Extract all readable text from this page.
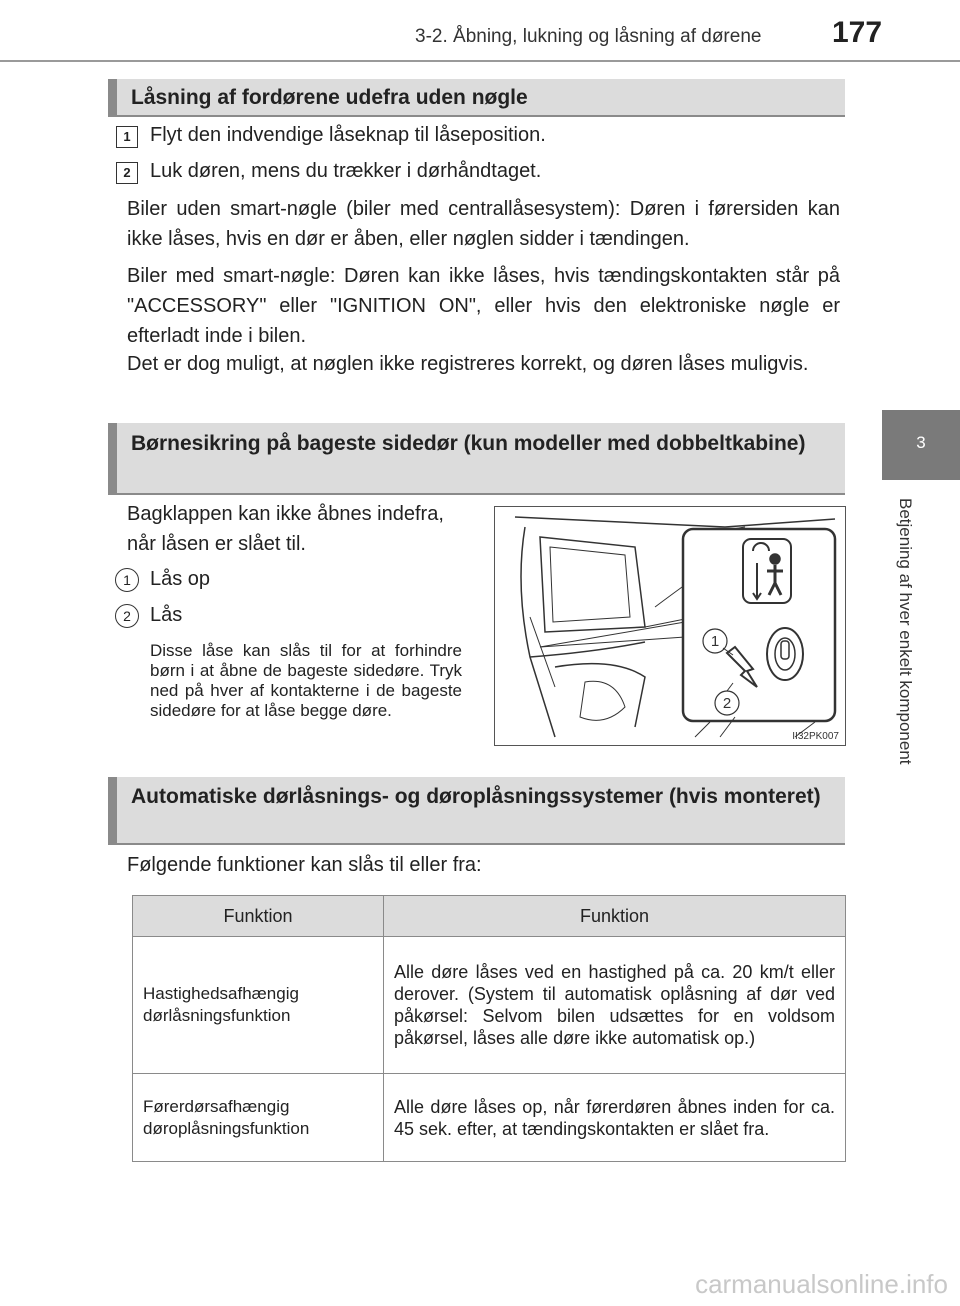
3-2. Åbning, lukning og låsning af dørene 177
3
Betjening af hver enkelt komponent
Låsning af fordørene udefra uden nøgle
1 Flyt den indvendige låseknap til låseposition.
2 Luk døren, mens du trækker i dørhåndtaget.
Biler uden smart-nøgle (biler med centrallåsesystem): Døren i førersiden kan ikke låses, hvis en dør er åben, eller nøglen sidder i tændingen.
Biler med smart-nøgle: Døren kan ikke låses, hvis tændingskontakten står på "ACCESSORY" eller "IGNITION ON", eller hvis den elektroniske nøgle er efterladt inde i bilen.
Det er dog muligt, at nøglen ikke registreres korrekt, og døren låses muligvis.
Børnesikring på bageste sidedør (kun modeller med dobbeltkabine)
Bagklappen kan ikke åbnes indefra, når låsen er slået til.
1 Lås op
2 Lås
Disse låse kan slås til for at forhindre børn i at åbne de bageste sidedøre. Tryk ned på hver af kontakterne i de bageste sidedøre for at låse begge døre.
1
2
II32PK007
Automatiske dørlåsnings- og døroplåsningssystemer (hvis monteret)
Følgende funktioner kan slås til eller fra:
Funktion	Funktion
Hastighedsafhængig dørlåsningsfunktion	Alle døre låses ved en hastighed på ca. 20 km/t eller derover. (System til automatisk oplåsning af dør ved påkørsel: Selvom bilen udsættes for en voldsom påkørsel, låses alle døre ikke automatisk op.)
Førerdørsafhængig døroplåsningsfunktion	Alle døre låses op, når førerdøren åbnes inden for ca. 45 sek. efter, at tændingskontakten er slået fra.
carmanualsonline.info
